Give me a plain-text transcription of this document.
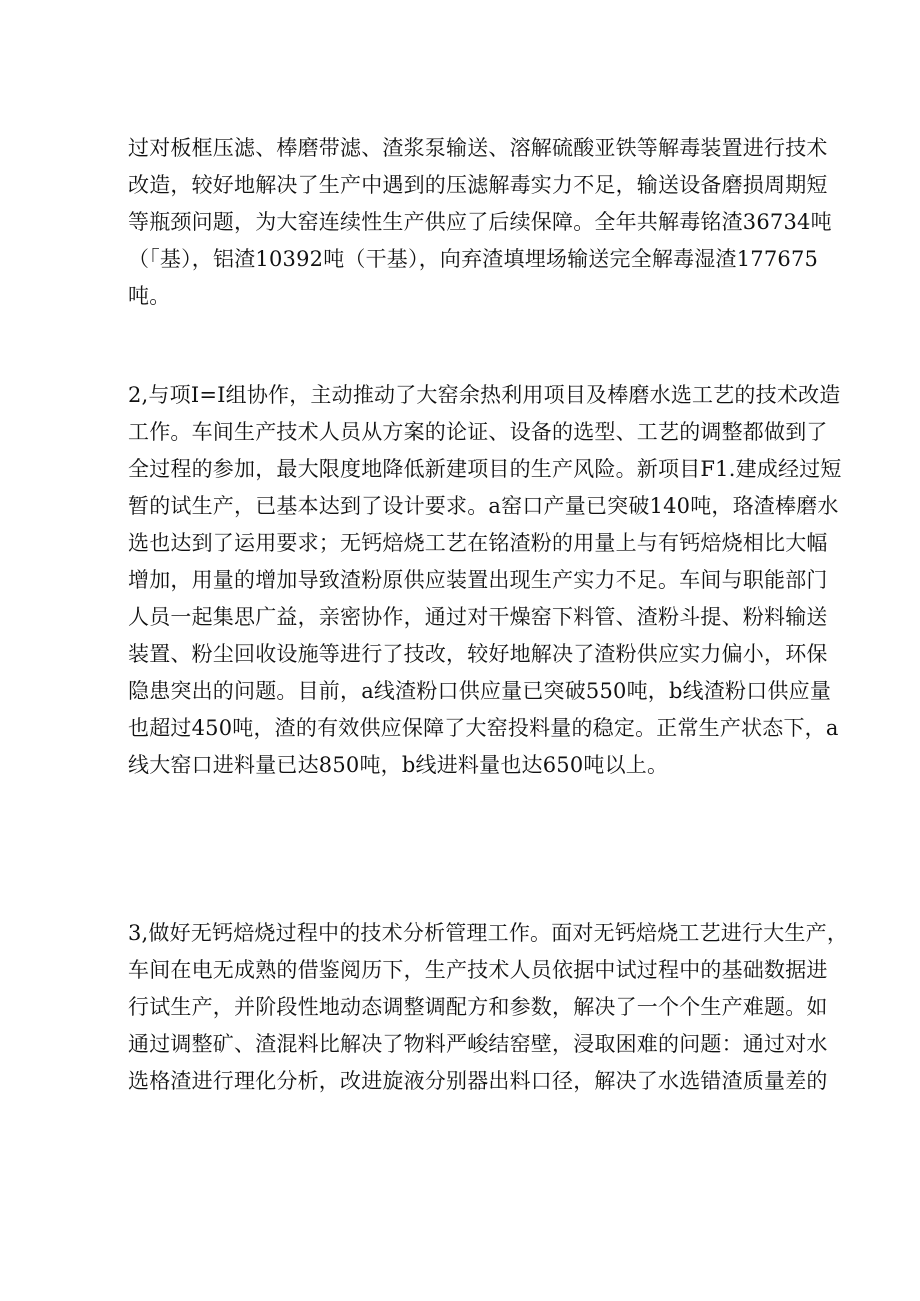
过对板框压滤、棒磨带滤、渣浆泵输送、溶解硫酸亚铁等解毒装置进行技术
改造，较好地解决了生产中遇到的压滤解毒实力不足，输送设备磨损周期短
等瓶颈问题，为大窑连续性生产供应了后续保障。全年共解毒铭渣36734吨
（「基），铝渣10392吨（干基），向弃渣填埋场输送完全解毒湿渣177675
吨。
2,与项I=I组协作，主动推动了大窑余热利用项目及棒磨水选工艺的技术改造
工作。车间生产技术人员从方案的论证、设备的选型、工艺的调整都做到了
全过程的参加，最大限度地降低新建项目的生产风险。新项目F1.建成经过短
暂的试生产，已基本达到了设计要求。a窑口产量已突破140吨，珞渣棒磨水
选也达到了运用要求；无钙焙烧工艺在铭渣粉的用量上与有钙焙烧相比大幅
增加，用量的增加导致渣粉原供应装置出现生产实力不足。车间与职能部门
人员一起集思广益，亲密协作，通过对干燥窑下料管、渣粉斗提、粉料输送
装置、粉尘回收设施等进行了技改，较好地解决了渣粉供应实力偏小，环保
隐患突出的问题。目前，a线渣粉口供应量已突破550吨，b线渣粉口供应量
也超过450吨，渣的有效供应保障了大窑投料量的稳定。正常生产状态下，a
线大窑口进料量已达850吨，b线进料量也达650吨以上。
3,做好无钙焙烧过程中的技术分析管理工作。面对无钙焙烧工艺进行大生产，
车间在电无成熟的借鉴阅历下，生产技术人员依据中试过程中的基础数据进
行试生产，并阶段性地动态调整调配方和参数，解决了一个个生产难题。如
通过调整矿、渣混料比解决了物料严峻结窑壁，浸取困难的问题：通过对水
选格渣进行理化分析，改进旋液分别器出料口径，解决了水选错渣质量差的
